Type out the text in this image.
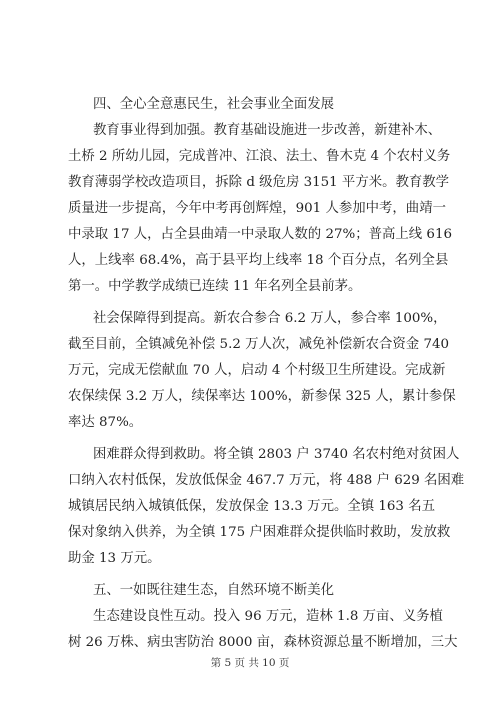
四、全心全意惠民生，社会事业全面发展
教育事业得到加强。教育基础设施进一步改善，新建补木、
土桥 2 所幼儿园，完成普冲、江浪、法土、鲁木克 4 个农村义务
教育薄弱学校改造项目，拆除 d 级危房 3151 平方米。教育教学
质量进一步提高，今年中考再创辉煌，901 人参加中考，曲靖一
中录取 17 人，占全县曲靖一中录取人数的 27%；普高上线 616
人，上线率 68.4%，高于县平均上线率 18 个百分点，名列全县
第一。中学教学成绩已连续 11 年名列全县前茅。
社会保障得到提高。新农合参合 6.2 万人，参合率 100%，
截至目前，全镇减免补偿 5.2 万人次，减免补偿新农合资金 740
万元，完成无偿献血 70 人，启动 4 个村级卫生所建设。完成新
农保续保 3.2 万人，续保率达 100%，新参保 325 人，累计参保
率达 87%。
困难群众得到救助。将全镇 2803 户 3740 名农村绝对贫困人
口纳入农村低保，发放低保金 467.7 万元，将 488 户 629 名困难
城镇居民纳入城镇低保，发放保金 13.3 万元。全镇 163 名五
保对象纳入供养，为全镇 175 户困难群众提供临时救助，发放救
助金 13 万元。
五、一如既往建生态，自然环境不断美化
生态建设良性互动。投入 96 万元，造林 1.8 万亩、义务植
树 26 万株、病虫害防治 8000 亩，森林资源总量不断增加，三大
第 5 页 共 10 页
